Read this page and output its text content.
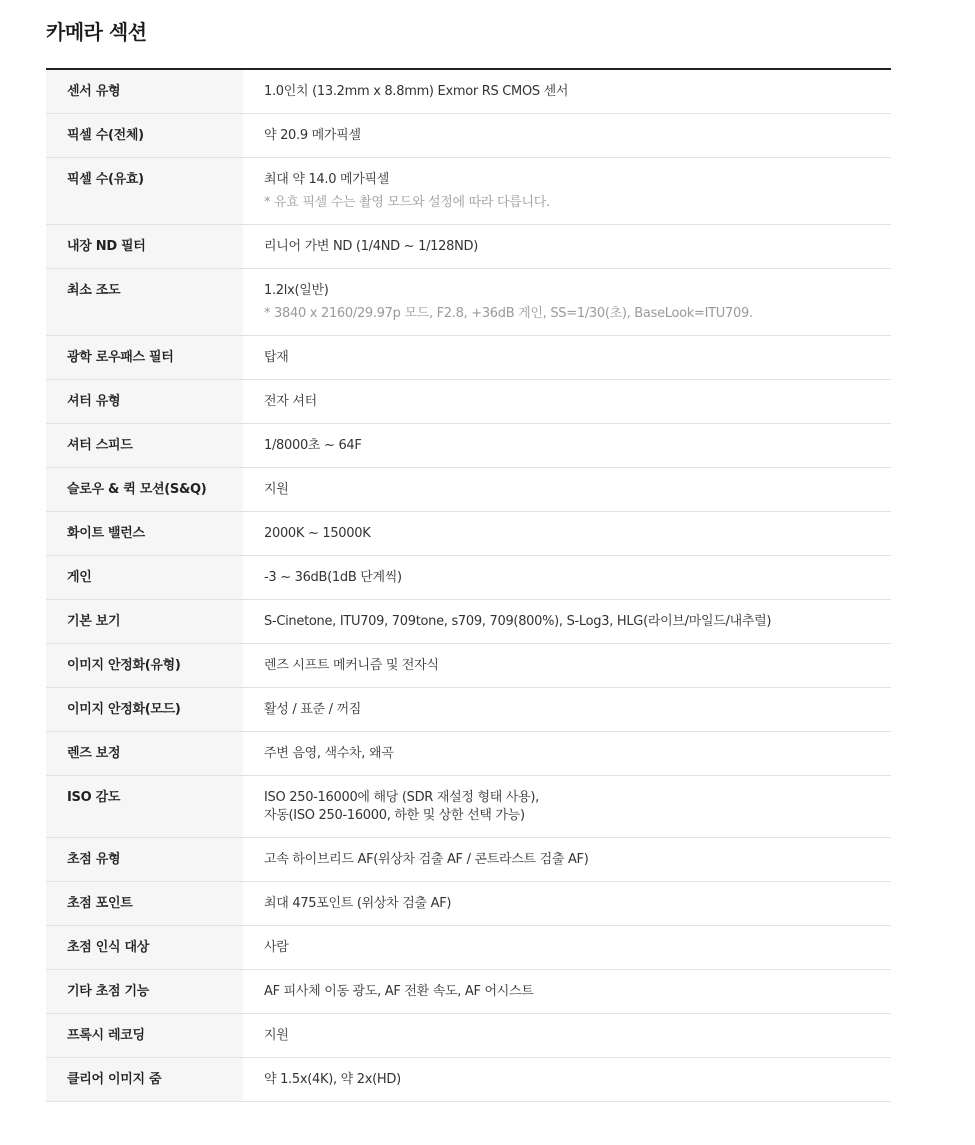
카메라 섹션
센서 유형	1.0인치 (13.2mm x 8.8mm) Exmor RS CMOS 센서

픽셀 수(전체)	약 20.9 메가픽셀

픽셀 수(유효)	최대 약 14.0 메가픽셀
* 유효 픽셀 수는 촬영 모드와 설정에 따라 다릅니다.

내장 ND 필터	리니어 가변 ND (1/4ND ~ 1/128ND)

최소 조도	1.2lx(일반)
* 3840 x 2160/29.97p 모드, F2.8, +36dB 게인, SS=1/30(초), BaseLook=ITU709.

광학 로우패스 필터	탑재

셔터 유형	전자 셔터

셔터 스피드	1/8000초 ~ 64F

슬로우 & 퀵 모션(S&Q)	지원

화이트 밸런스	2000K ~ 15000K

게인	-3 ~ 36dB(1dB 단계씩)

기본 보기	S-Cinetone, ITU709, 709tone, s709, 709(800%), S-Log3, HLG(라이브/마일드/내추럴)

이미지 안정화(유형)	렌즈 시프트 메커니즘 및 전자식

이미지 안정화(모드)	활성 / 표준 / 꺼짐

렌즈 보정	주변 음영, 색수차, 왜곡

ISO 감도	ISO 250-16000에 해당 (SDR 재설정 형태 사용),
자동(ISO 250-16000, 하한 및 상한 선택 가능)

초점 유형	고속 하이브리드 AF(위상차 검출 AF / 콘트라스트 검출 AF)

초점 포인트	최대 475포인트 (위상차 검출 AF)

초점 인식 대상	사람

기타 초점 기능	AF 피사체 이동 광도, AF 전환 속도, AF 어시스트

프록시 레코딩	지원

클리어 이미지 줌	약 1.5x(4K), 약 2x(HD)
